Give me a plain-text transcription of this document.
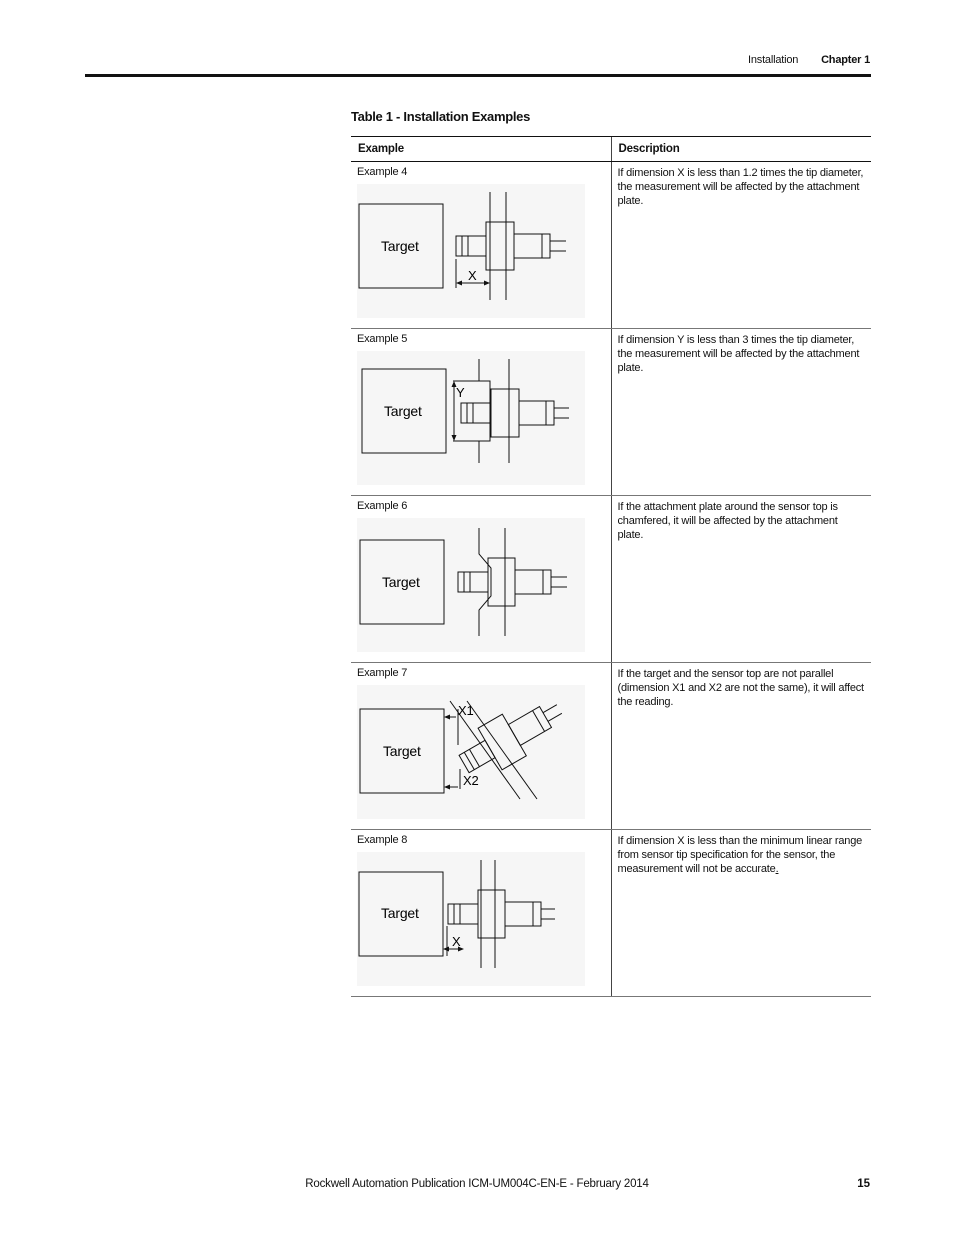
Installation Chapter 1
Table 1 - Installation Examples
Example	Description

Example 4
Target
X	If dimension X is less than 1.2 times the tip diameter, the measurement will be affected by the attachment plate.

Example 5
Target
Y	If dimension Y is less than 3 times the tip diameter, the measurement will be affected by the attachment plate.

Example 6
Target	If the attachment plate around the sensor top is chamfered, it will be affected by the attachment plate.

Example 7
Target
X1
X2	If the target and the sensor top are not parallel (dimension X1 and X2 are not the same), it will affect the reading.

Example 8
Target
X	If dimension X is less than the minimum linear range from sensor tip specification for the sensor, the measurement will not be accurate.
Rockwell Automation Publication ICM-UM004C-EN-E - February 2014	15
